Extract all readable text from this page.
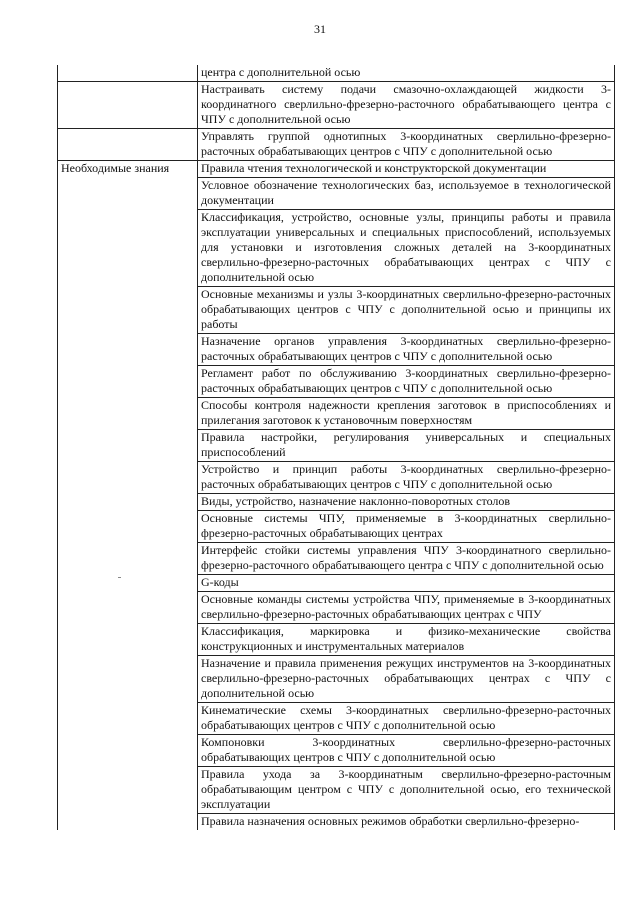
31

	центра с дополнительной осью

	Настраивать систему подачи смазочно-охлаждающей жидкости 3-координатного сверлильно-фрезерно-расточного обрабатывающего центра с ЧПУ с дополнительной осью

	Управлять группой однотипных 3-координатных сверлильно-фрезерно-расточных обрабатывающих центров с ЧПУ с дополнительной осью

Необходимые знания	Правила чтения технологической и конструкторской документации

	Условное обозначение технологических баз, используемое в технологической документации

	Классификация, устройство, основные узлы, принципы работы и правила эксплуатации универсальных и специальных приспособлений, используемых для установки и изготовления сложных деталей на 3-координатных сверлильно-фрезерно-расточных обрабатывающих центрах с ЧПУ с дополнительной осью

	Основные механизмы и узлы 3-координатных сверлильно-фрезерно-расточных обрабатывающих центров с ЧПУ с дополнительной осью и принципы их работы

	Назначение органов управления 3-координатных сверлильно-фрезерно-расточных обрабатывающих центров с ЧПУ с дополнительной осью

	Регламент работ по обслуживанию 3-координатных сверлильно-фрезерно-расточных обрабатывающих центров с ЧПУ с дополнительной осью

	Способы контроля надежности крепления заготовок в приспособлениях и прилегания заготовок к установочным поверхностям

	Правила настройки, регулирования универсальных и специальных приспособлений

	Устройство и принцип работы 3-координатных сверлильно-фрезерно-расточных обрабатывающих центров с ЧПУ с дополнительной осью

	Виды, устройство, назначение наклонно-поворотных столов

	Основные системы ЧПУ, применяемые в 3-координатных сверлильно-фрезерно-расточных обрабатывающих центрах

	Интерфейс стойки системы управления ЧПУ 3-координатного сверлильно-фрезерно-расточного обрабатывающего центра с ЧПУ с дополнительной осью

	G-коды

	Основные команды системы устройства ЧПУ, применяемые в 3-координатных сверлильно-фрезерно-расточных обрабатывающих центрах с ЧПУ

	Классификация, маркировка и физико-механические свойства конструкционных и инструментальных материалов

	Назначение и правила применения режущих инструментов на 3-координатных сверлильно-фрезерно-расточных обрабатывающих центрах с ЧПУ с дополнительной осью

	Кинематические схемы 3-координатных сверлильно-фрезерно-расточных обрабатывающих центров с ЧПУ с дополнительной осью

	Компоновки 3-координатных сверлильно-фрезерно-расточных обрабатывающих центров с ЧПУ с дополнительной осью

	Правила ухода за 3-координатным сверлильно-фрезерно-расточным обрабатывающим центром с ЧПУ с дополнительной осью, его технической эксплуатации

	Правила назначения основных режимов обработки сверлильно-фрезерно-
